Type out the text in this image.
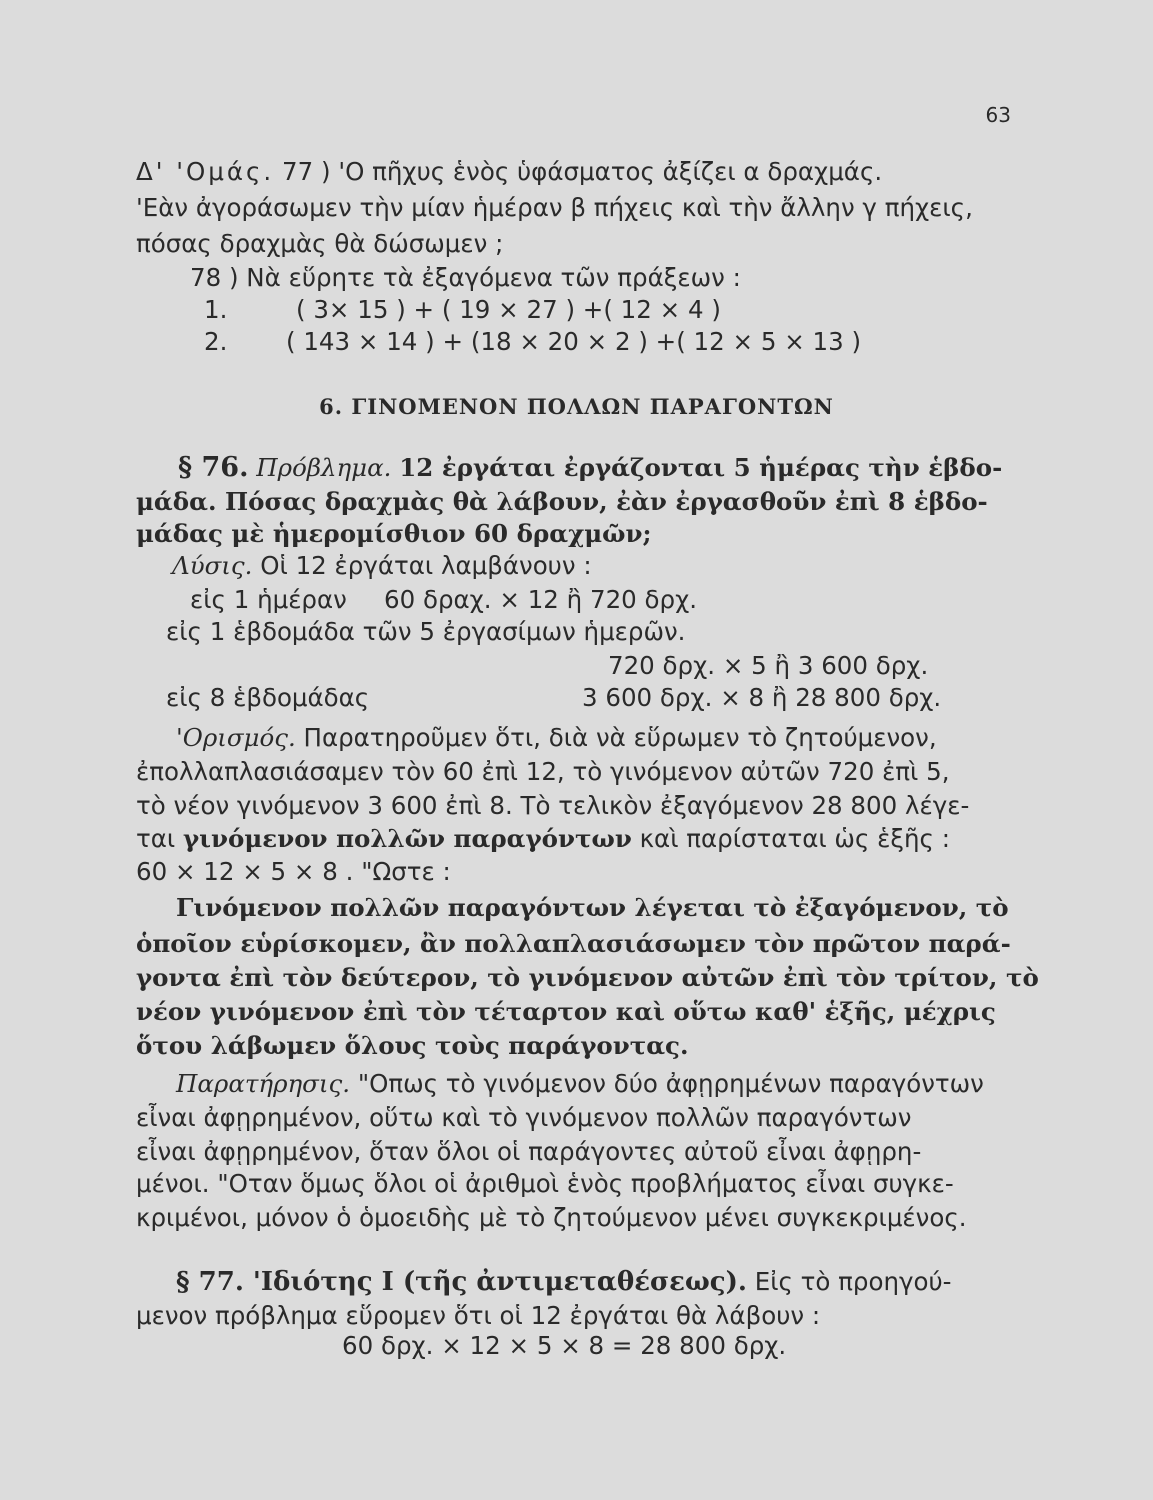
63
Δ' 'Ομάς. 77 ) 'Ο πῆχυς ἑνὸς ὑφάσματος ἀξίζει α δραχμάς.
'Εὰν ἀγοράσωμεν τὴν μίαν ἡμέραν β πήχεις καὶ τὴν ἄλλην γ πήχεις,
πόσας δραχμὰς θὰ δώσωμεν ;
78 ) Νὰ εὕρητε τὰ ἐξαγόμενα τῶν πράξεων :
1.	( 3× 15 ) + ( 19 × 27 ) +( 12 × 4 )
2. ( 143 × 14 ) + (18 × 20 × 2 ) +( 12 × 5 × 13 )
6. ΓΙΝΟΜΕΝΟΝ ΠΟΛΛΩΝ ΠΑΡΑΓΟΝΤΩΝ
§ 76. Πρόβλημα. 12 ἐργάται ἐργάζονται 5 ἡμέρας τὴν ἑβδο-
μάδα. Πόσας δραχμὰς θὰ λάβουν, ἐὰν ἐργασθοῦν ἐπὶ 8 ἑβδο-
μάδας μὲ ἡμερομίσθιον 60 δραχμῶν;
Λύσις. Οἱ 12 ἐργάται λαμβάνουν :
εἰς 1 ἡμέραν 60 δραχ. × 12 ἢ 720 δρχ.
εἰς 1 ἑβδομάδα τῶν 5 ἐργασίμων ἡμερῶν.
720 δρχ. × 5 ἢ 3 600 δρχ.
εἰς 8 ἑβδομάδας	3 600 δρχ. × 8 ἢ 28 800 δρχ.
'Ορισμός. Παρατηροῦμεν ὅτι, διὰ νὰ εὕρωμεν τὸ ζητούμενον,
ἐπολλαπλασιάσαμεν τὸν 60 ἐπὶ 12, τὸ γινόμενον αὐτῶν 720 ἐπὶ 5,
τὸ νέον γινόμενον 3 600 ἐπὶ 8. Τὸ τελικὸν ἐξαγόμενον 28 800 λέγε-
ται γινόμενον πολλῶν παραγόντων καὶ παρίσταται ὡς ἑξῆς :
60 × 12 × 5 × 8 . "Ωστε :
Γινόμενον πολλῶν παραγόντων λέγεται τὸ ἐξαγόμενον, τὸ
ὁποῖον εὑρίσκομεν, ἂν πολλαπλασιάσωμεν τὸν πρῶτον παρά-
γοντα ἐπὶ τὸν δεύτερον, τὸ γινόμενον αὐτῶν ἐπὶ τὸν τρίτον, τὸ
νέον γινόμενον ἐπὶ τὸν τέταρτον καὶ οὕτω καθ' ἑξῆς, μέχρις
ὅτου λάβωμεν ὅλους τοὺς παράγοντας.
Παρατήρησις. "Οπως τὸ γινόμενον δύο ἀφῃρημένων παραγόντων
εἶναι ἀφῃρημένον, οὕτω καὶ τὸ γινόμενον πολλῶν παραγόντων
εἶναι ἀφῃρημένον, ὅταν ὅλοι οἱ παράγοντες αὐτοῦ εἶναι ἀφῃρη-
μένοι. "Οταν ὅμως ὅλοι οἱ ἀριθμοὶ ἑνὸς προβλήματος εἶναι συγκε-
κριμένοι, μόνον ὁ ὁμοειδὴς μὲ τὸ ζητούμενον μένει συγκεκριμένος.
§ 77. 'Ιδιότης Ι (τῆς ἀντιμεταθέσεως). Εἰς τὸ προηγού-
μενον πρόβλημα εὕρομεν ὅτι οἱ 12 ἐργάται θὰ λάβουν :
60 δρχ. × 12 × 5 × 8 = 28 800 δρχ.
